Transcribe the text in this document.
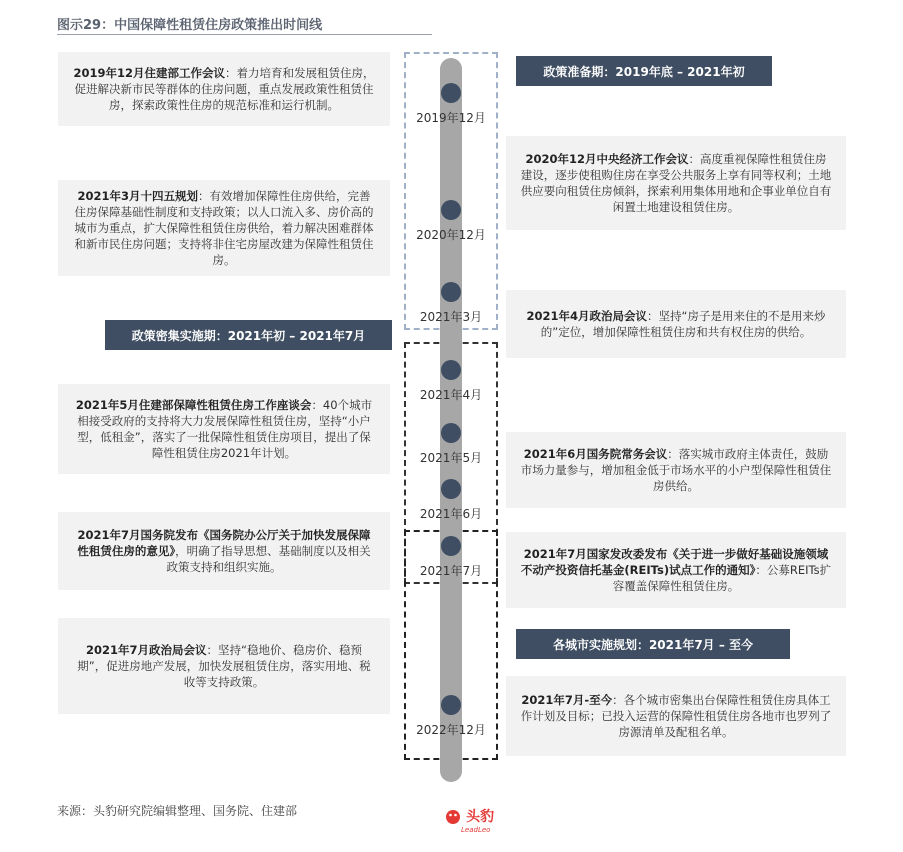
图示29：中国保障性租赁住房政策推出时间线
2019年12月
2020年12月
2021年3月
2021年4月
2021年5月
2021年6月
2021年7月
2022年12月
政策准备期：2019年底 – 2021年初
政策密集实施期：2021年初 – 2021年7月
各城市实施规划：2021年7月 – 至今
2019年12月住建部工作会议：着力培育和发展租赁住房，促进解决新市民等群体的住房问题，重点发展政策性租赁住房，探索政策性住房的规范标准和运行机制。
2021年3月十四五规划：有效增加保障性住房供给，完善住房保障基础性制度和支持政策；以人口流入多、房价高的城市为重点，扩大保障性租赁住房供给，着力解决困难群体和新市民住房问题；支持将非住宅房屋改建为保障性租赁住房。
2021年5月住建部保障性租赁住房工作座谈会：40个城市相接受政府的支持将大力发展保障性租赁住房，坚持“小户型，低租金”，落实了一批保障性租赁住房项目，提出了保障性租赁住房2021年计划。
2021年7月国务院发布《国务院办公厅关于加快发展保障性租赁住房的意见》，明确了指导思想、基础制度以及相关政策支持和组织实施。
2021年7月政治局会议：坚持“稳地价、稳房价、稳预期”，促进房地产发展，加快发展租赁住房，落实用地、税收等支持政策。
2020年12月中央经济工作会议：高度重视保障性租赁住房建设，逐步使租购住房在享受公共服务上享有同等权利；土地供应要向租赁住房倾斜，探索利用集体用地和企事业单位自有闲置土地建设租赁住房。
2021年4月政治局会议：坚持“房子是用来住的不是用来炒的”定位，增加保障性租赁住房和共有权住房的供给。
2021年6月国务院常务会议：落实城市政府主体责任，鼓励市场力量参与，增加租金低于市场水平的小户型保障性租赁住房供给。
2021年7月国家发改委发布《关于进一步做好基础设施领域不动产投资信托基金(REITs)试点工作的通知》：公募REITs扩容覆盖保障性租赁住房。
2021年7月-至今：各个城市密集出台保障性租赁住房具体工作计划及目标；已投入运营的保障性租赁住房各地市也罗列了房源清单及配租名单。
来源：头豹研究院编辑整理、国务院、住建部	头豹
LeadLeo
